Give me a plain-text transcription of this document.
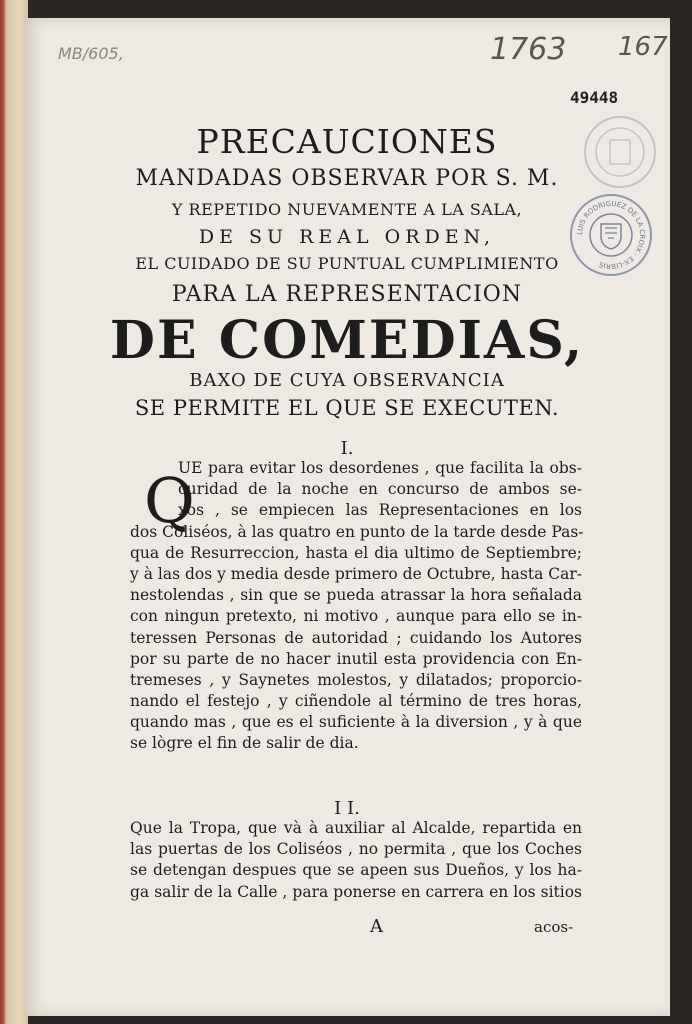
MB/605,	1763 167
49448
LUIS RODRIGUEZ DE LA CROIX · EX-LIBRIS
PRECAUCIONES
MANDADAS OBSERVAR POR S. M.
Y REPETIDO NUEVAMENTE A LA SALA,
DE SU REAL ORDEN,
EL CUIDADO DE SU PUNTUAL CUMPLIMIENTO
PARA LA REPRESENTACION
DE COMEDIAS,
BAXO DE CUYA OBSERVANCIA
SE PERMITE EL QUE SE EXECUTEN.
I.
Q
UE para evitar los desordenes , que facilita la obs-
curidad de la noche en concurso de ambos se-
xos , se empiecen las Representaciones en los
dos Coliséos, à las quatro en punto de la tarde desde Pas-
qua de Resurreccion, hasta el dia ultimo de Septiembre;
y à las dos y media desde primero de Octubre, hasta Car-
nestolendas , sin que se pueda atrassar la hora señalada
con ningun pretexto, ni motivo , aunque para ello se in-
teressen Personas de autoridad ; cuidando los Autores
por su parte de no hacer inutil esta providencia con En-
tremeses , y Saynetes molestos, y dilatados; proporcio-
nando el festejo , y ciñendole al término de tres horas,
quando mas , que es el suficiente à la diversion , y à que
se lògre el fin de salir de dia.
I I.
Que la Tropa, que và à auxiliar al Alcalde, repartida en
las puertas de los Coliséos , no permita , que los Coches
se detengan despues que se apeen sus Dueños, y los ha-
ga salir de la Calle , para ponerse en carrera en los sitios
A	acos-
